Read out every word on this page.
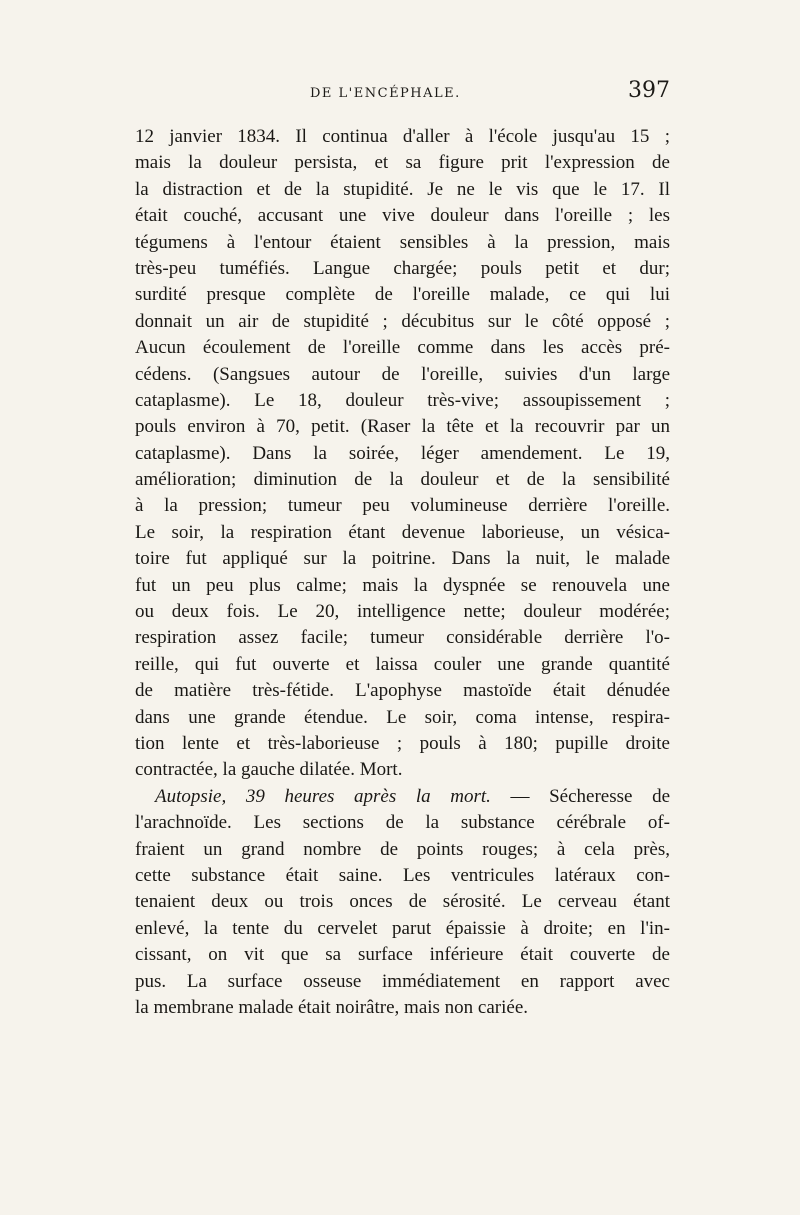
DE L'ENCÉPHALE.	397
12 janvier 1834. Il continua d'aller à l'école jusqu'au 15 ;
mais la douleur persista, et sa figure prit l'expression de
la distraction et de la stupidité. Je ne le vis que le 17. Il
était couché, accusant une vive douleur dans l'oreille ; les
tégumens à l'entour étaient sensibles à la pression, mais
très-peu tuméfiés. Langue chargée; pouls petit et dur;
surdité presque complète de l'oreille malade, ce qui lui
donnait un air de stupidité ; décubitus sur le côté opposé ;
Aucun écoulement de l'oreille comme dans les accès pré-
cédens. (Sangsues autour de l'oreille, suivies d'un large
cataplasme). Le 18, douleur très-vive; assoupissement ;
pouls environ à 70, petit. (Raser la tête et la recouvrir par un
cataplasme). Dans la soirée, léger amendement. Le 19,
amélioration; diminution de la douleur et de la sensibilité
à la pression; tumeur peu volumineuse derrière l'oreille.
Le soir, la respiration étant devenue laborieuse, un vésica-
toire fut appliqué sur la poitrine. Dans la nuit, le malade
fut un peu plus calme; mais la dyspnée se renouvela une
ou deux fois. Le 20, intelligence nette; douleur modérée;
respiration assez facile; tumeur considérable derrière l'o-
reille, qui fut ouverte et laissa couler une grande quantité
de matière très-fétide. L'apophyse mastoïde était dénudée
dans une grande étendue. Le soir, coma intense, respira-
tion lente et très-laborieuse ; pouls à 180; pupille droite
contractée, la gauche dilatée. Mort.
Autopsie, 39 heures après la mort. — Sécheresse de
l'arachnoïde. Les sections de la substance cérébrale of-
fraient un grand nombre de points rouges; à cela près,
cette substance était saine. Les ventricules latéraux con-
tenaient deux ou trois onces de sérosité. Le cerveau étant
enlevé, la tente du cervelet parut épaissie à droite; en l'in-
cissant, on vit que sa surface inférieure était couverte de
pus. La surface osseuse immédiatement en rapport avec
la membrane malade était noirâtre, mais non cariée.
